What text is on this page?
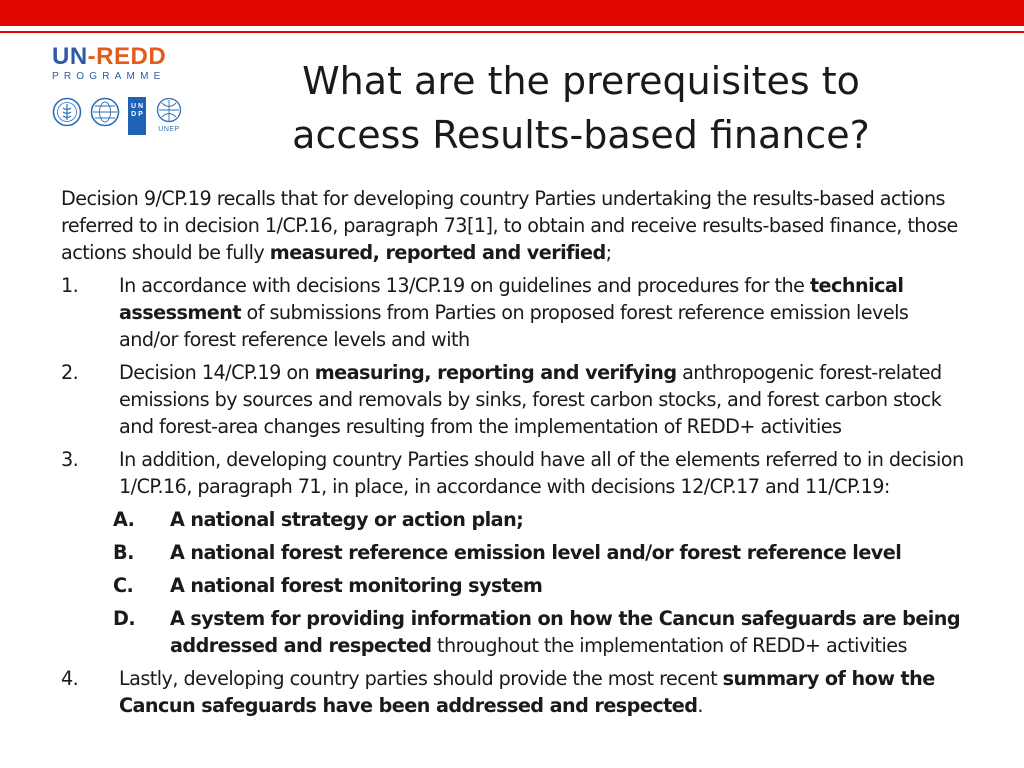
UN-REDD
PROGRAMME
U N D P
UNEP
What are the prerequisites to access Results-based finance?
Decision 9/CP.19 recalls that for developing country Parties undertaking the results-based actions referred to in decision 1/CP.16, paragraph 73[1], to obtain and receive results-based finance, those actions should be fully measured, reported and verified;
1. In accordance with decisions 13/CP.19 on guidelines and procedures for the technical assessment of submissions from Parties on proposed forest reference emission levels and/or forest reference levels and with
2. Decision 14/CP.19 on measuring, reporting and verifying anthropogenic forest-related emissions by sources and removals by sinks, forest carbon stocks, and forest carbon stock and forest-area changes resulting from the implementation of REDD+ activities
3. In addition, developing country Parties should have all of the elements referred to in decision 1/CP.16, paragraph 71, in place, in accordance with decisions 12/CP.17 and 11/CP.19:
A. A national strategy or action plan;
B. A national forest reference emission level and/or forest reference level
C. A national forest monitoring system
D. A system for providing information on how the Cancun safeguards are being addressed and respected throughout the implementation of REDD+ activities
4. Lastly, developing country parties should provide the most recent summary of how the Cancun safeguards have been addressed and respected.
